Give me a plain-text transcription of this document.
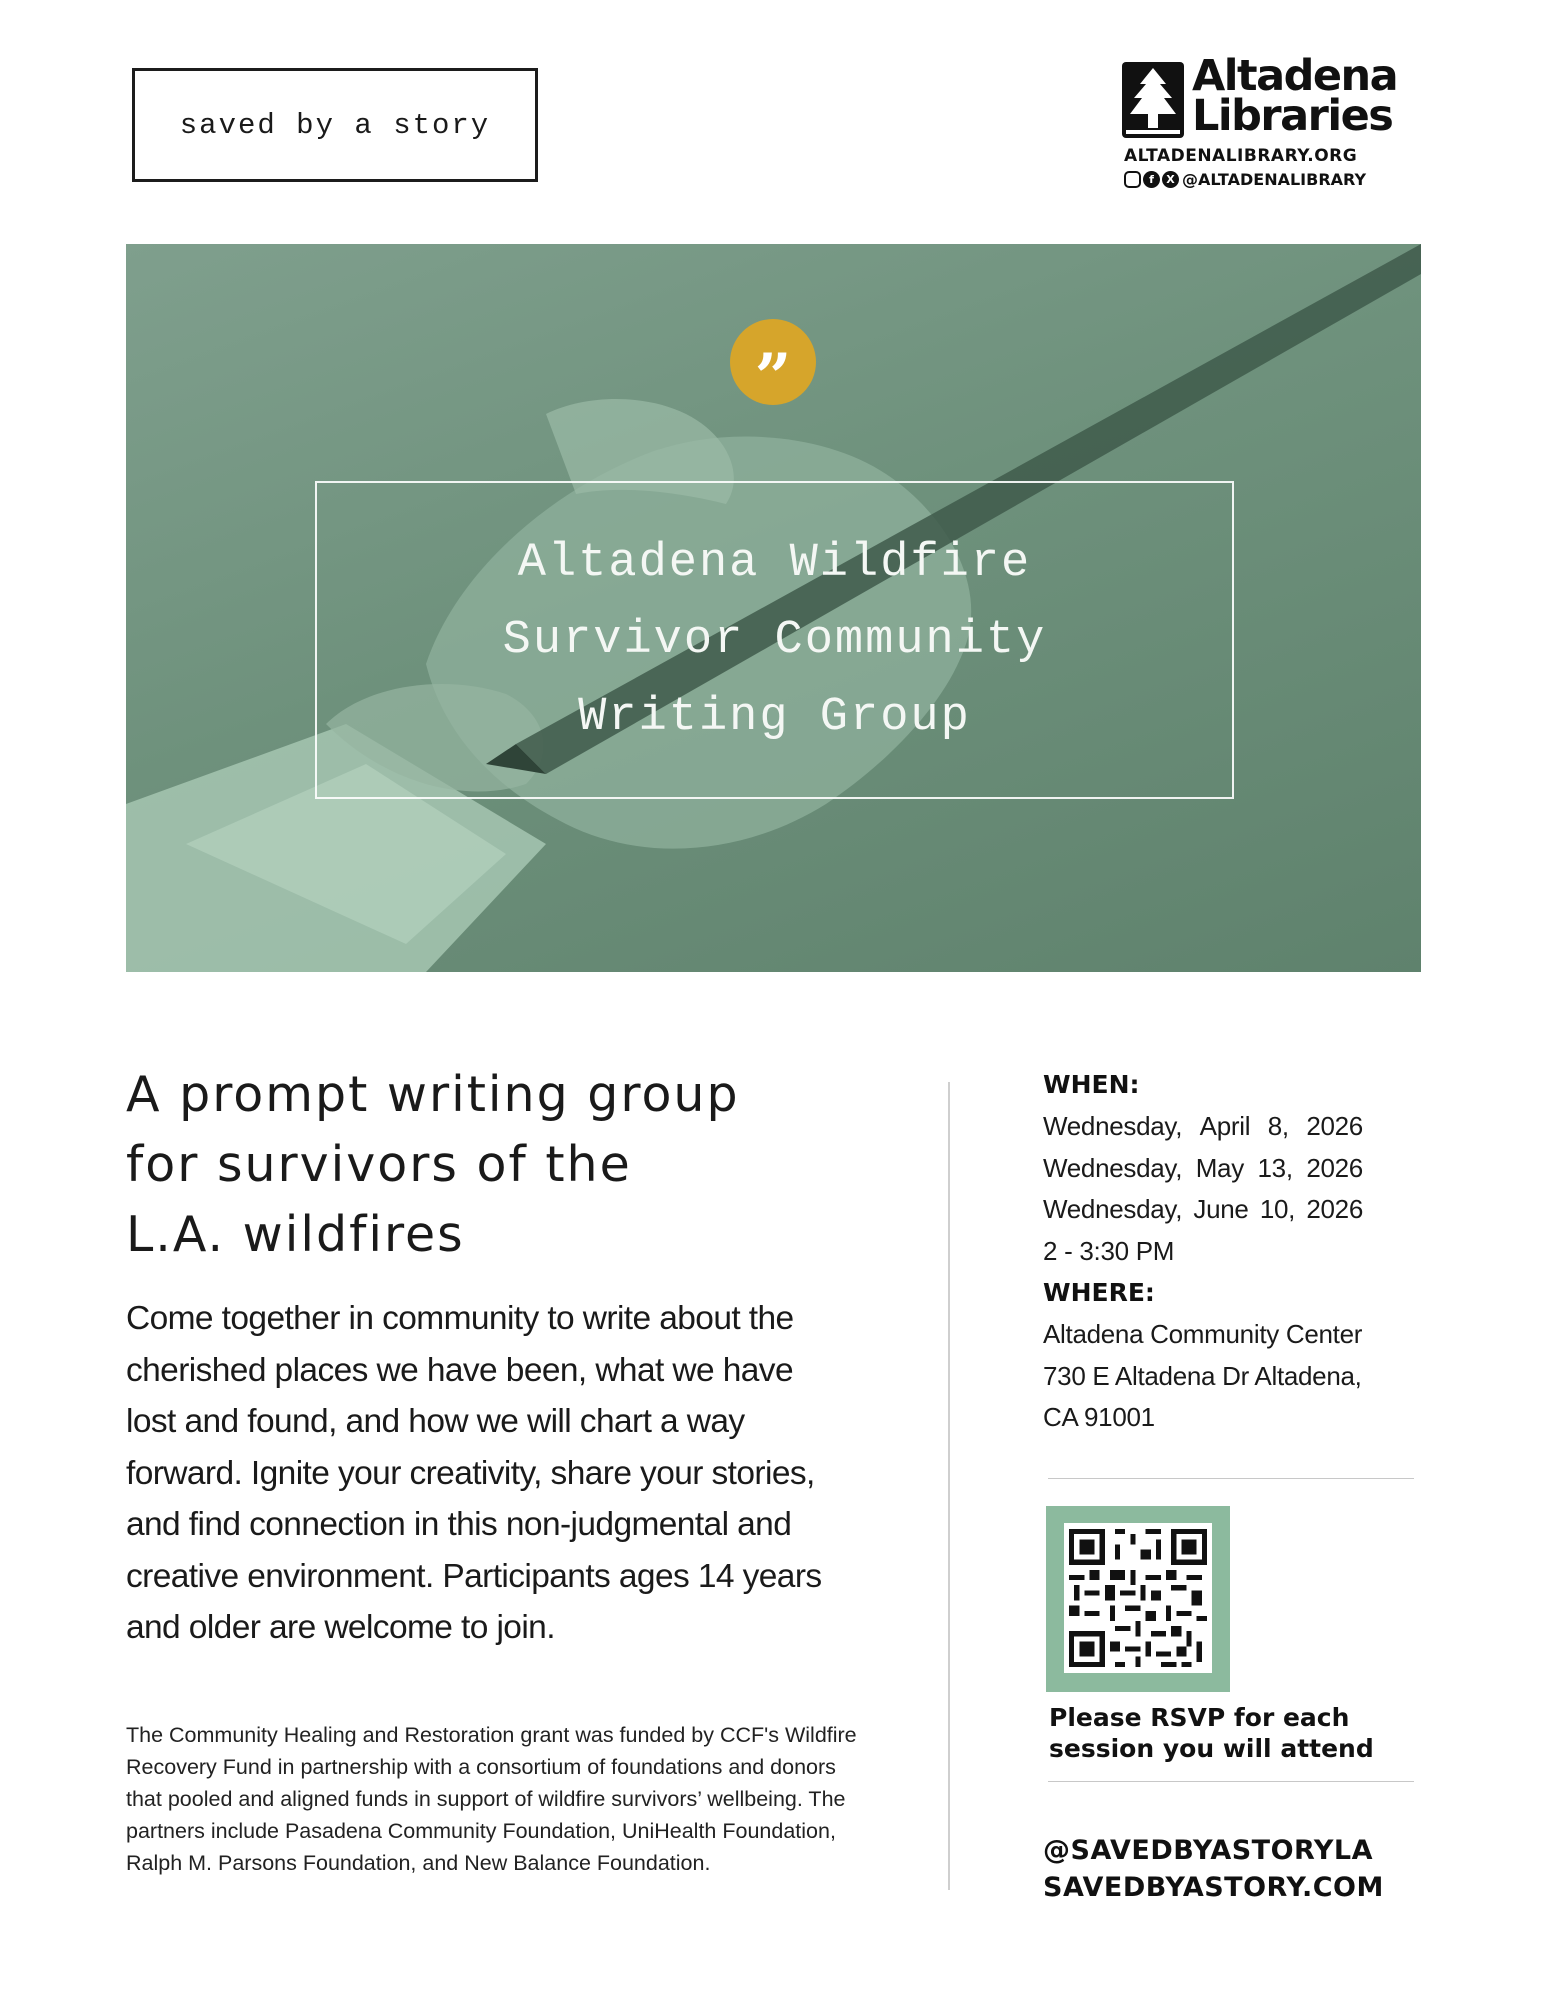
saved by a story
Altadena
Libraries
ALTADENALIBRARY.ORG
f	X @ALTADENALIBRARY
”
Altadena Wildfire
Survivor Community
Writing Group
A prompt writing group
for survivors of the
L.A. wildfires
Come together in community to write about the
cherished places we have been, what we have
lost and found, and how we will chart a way
forward. Ignite your creativity, share your stories,
and find connection in this non-judgmental and
creative environment. Participants ages 14 years
and older are welcome to join.
The Community Healing and Restoration grant was funded by CCF's Wildfire
Recovery Fund in partnership with a consortium of foundations and donors
that pooled and aligned funds in support of wildfire survivors’ wellbeing. The
partners include Pasadena Community Foundation, UniHealth Foundation,
Ralph M. Parsons Foundation, and New Balance Foundation.
WHEN:
Wednesday, April 8, 2026
Wednesday, May 13, 2026
Wednesday, June 10, 2026
2 - 3:30 PM
WHERE:
Altadena Community Center
730 E Altadena Dr Altadena,
CA 91001
Please RSVP for each
session you will attend
@SAVEDBYASTORYLA
SAVEDBYASTORY.COM
